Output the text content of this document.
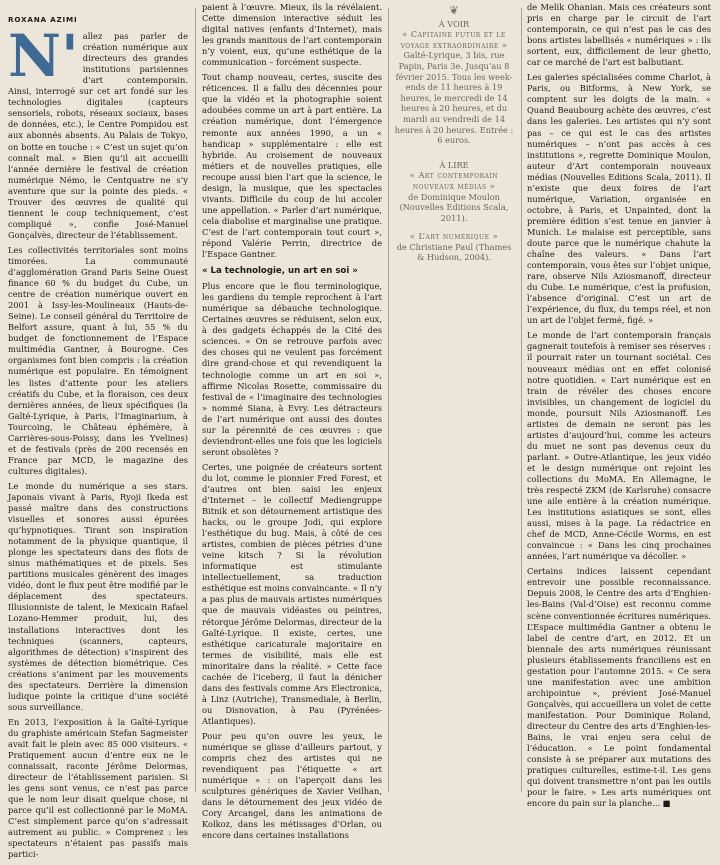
ROXANA AZIMI

N' allez pas parler de création numérique aux directeurs des grandes institutions parisiennes d’art contemporain. Ainsi, interrogé sur cet art fondé sur les technologies digitales (capteurs sensoriels, robots, réseaux sociaux, bases de données, etc.), le Centre Pompidou est aux abonnés absents. Au Palais de Tokyo, on botte en touche : « C’est un sujet qu’on connaît mal. » Bien qu’il ait accueilli l’année dernière le festival de création numérique Némo, le Centquatre ne s’y aventure que sur la pointe des pieds. « Trouver des œuvres de qualité qui tiennent le coup techniquement, c’est compliqué », confie José-Manuel Gonçalvès, directeur de l’établissement.

Les collectivités territoriales sont moins timorées. La communauté d’agglomération Grand Paris Seine Ouest finance 60 % du budget du Cube, un centre de création numérique ouvert en 2001 à Issy-les-Moulineaux (Hauts-de-Seine). Le conseil général du Territoire de Belfort assure, quant à lui, 55 % du budget de fonctionnement de l’Espace multimédia Gantner, à Bourogne. Ces organismes font bien compris : la création numérique est populaire. En témoignent les listes d’attente pour les ateliers créatifs du Cube, et la floraison, ces deux dernières années, de lieux spécifiques (la Gaîté-Lyrique, à Paris, l’Imaginarium, à Tourcoing, le Château éphémère, à Carrières-sous-Poissy, dans les Yvelines) et de festivals (près de 200 recensés en France par MCD, le magazine des cultures digitales).

Le monde du numérique a ses stars. Japonais vivant à Paris, Ryoji Ikeda est passé maître dans des constructions visuelles et sonores aussi épurées qu’hypnotiques. Tirant son inspiration notamment de la physique quantique, il plonge les spectateurs dans des flots de sinus mathématiques et de pixels. Ses partitions musicales génèrent des images vidéo, dont le flux peut être modifié par le déplacement des spectateurs. Illusionniste de talent, le Mexicain Rafael Lozano-Hemmer produit, lui, des installations interactives dont les techniques (scanners, capteurs, algorithmes de détection) s’inspirent des systèmes de détection biométrique. Ces créations s’animent par les mouvements des spectateurs. Derrière la dimension ludique pointe la critique d’une société sous surveillance.

En 2013, l’exposition à la Gaîté-Lyrique du graphiste américain Stefan Sagmeister avait fait le plein avec 85 000 visiteurs. « Pratiquement aucun d’entre eux ne le connaissait, raconte Jérôme Delormas, directeur de l’établissement parisien. Si les gens sont venus, ce n’est pas parce que le nom leur disait quelque chose, ni parce qu’il est collectionné par le MoMA. C’est simplement parce qu’on s’adressait autrement au public. » Comprenez : les spectateurs n’étaient pas passifs mais partici-

paient à l’œuvre. Mieux, ils la révélaient. Cette dimension interactive séduit les digital natives (enfants d’Internet), mais les grands manitous de l’art contemporain n’y voient, eux, qu’une esthétique de la communication – forcément suspecte.

Tout champ nouveau, certes, suscite des réticences. Il a fallu des décennies pour que la vidéo et la photographie soient adoubées comme un art à part entière. La création numérique, dont l’émergence remonte aux années 1990, a un « handicap » supplémentaire : elle est hybride. Au croisement de nouveaux métiers et de nouvelles pratiques, elle recoupe aussi bien l’art que la science, le design, la musique, que les spectacles vivants. Difficile du coup de lui accoler une appellation. « Parler d’art numérique, cela diabolise et marginalise une pratique. C’est de l’art contemporain tout court », répond Valérie Perrin, directrice de l’Espace Gantner.

« La technologie, un art en soi »

Plus encore que le flou terminologique, les gardiens du temple reprochent à l’art numérique sa débauche technologique. Certaines œuvres se réduisent, selon eux, à des gadgets échappés de la Cité des sciences. « On se retrouve parfois avec des choses qui ne veulent pas forcément dire grand-chose et qui revendiquent la technologie comme un art en soi », affirme Nicolas Rosette, commissaire du festival de « l’imaginaire des technologies » nommé Siana, à Evry. Les détracteurs de l’art numérique ont aussi des doutes sur la pérennité de ces œuvres : que deviendront-elles une fois que les logiciels seront obsolètes ?

Certes, une poignée de créateurs sortent du lot, comme le pionnier Fred Forest, et d’autres ont bien saisi les enjeux d’Internet – le collectif Mediengruppe Bitnik et son détournement artistique des hacks, ou le groupe Jodi, qui explore l’esthétique du bug. Mais, à côté de ces artistes, combien de pièces pétries d’une veine kitsch ? Si la révolution informatique est stimulante intellectuellement, sa traduction esthétique est moins convaincante. « Il n’y a pas plus de mauvais artistes numériques que de mauvais vidéastes ou peintres, rétorque Jérôme Delormas, directeur de la Gaîté-Lyrique. Il existe, certes, une esthétique caricaturale majoritaire en termes de visibilité, mais elle est minoritaire dans la réalité. » Cette face cachée de l’iceberg, il faut la dénicher dans des festivals comme Ars Electronica, à Linz (Autriche), Transmediale, à Berlin, ou Disnovation, à Pau (Pyrénées-Atlantiques).

Pour peu qu’on ouvre les yeux, le numérique se glisse d’ailleurs partout, y compris chez des artistes qui ne revendiquent pas l’étiquette « art numérique » : on l’aperçoit dans les sculptures génériques de Xavier Veilhan, dans le détournement des jeux vidéo de Cory Arcangel, dans les animations de Kolkoz, dans les métissages d’Orlan, ou encore dans certaines installations

❦
À VOIR
« Capitaine futur et le voyage extraordinaire »
Gaîté-Lyrique, 3 bis, rue Papin, Paris 3e. Jusqu’au 8 février 2015. Tous les week-ends de 11 heures à 19 heures, le mercredi de 14 heures à 20 heures, et du mardi au vendredi de 14 heures à 20 heures. Entrée : 6 euros.
À LIRE
« Art contemporain nouveaux médias »
de Dominique Moulon (Nouvelles Editions Scala, 2011).
« L’art numérique »
de Christiane Paul (Thames & Hudson, 2004).

de Melik Ohanian. Mais ces créateurs sont pris en charge par le circuit de l’art contemporain, ce qui n’est pas le cas des bons artistes labellisés « numériques » : ils sortent, eux, difficilement de leur ghetto, car ce marché de l’art est balbutiant.

Les galeries spécialisées comme Charlot, à Paris, ou Bitforms, à New York, se comptent sur les doigts de la main. « Quand Beaubourg achète des œuvres, c’est dans les galeries. Les artistes qui n’y sont pas – ce qui est le cas des artistes numériques – n’ont pas accès à ces institutions », regrette Dominique Moulon, auteur d’Art contemporain nouveaux médias (Nouvelles Editions Scala, 2011). Il n’existe que deux foires de l’art numérique, Variation, organisée en octobre, à Paris, et Unpainted, dont la première édition s’est tenue en janvier à Munich. Le malaise est perceptible, sans doute parce que le numérique chahute la chaîne des valeurs. « Dans l’art contemporain, vous êtes sur l’objet unique, rare, observe Nils Aziosmanoff, directeur du Cube. Le numérique, c’est la profusion, l’absence d’original. C’est un art de l’expérience, du flux, du temps réel, et non un art de l’objet fermé, figé. »

Le monde de l’art contemporain français gagnerait toutefois à remiser ses réserves : il pourrait rater un tournant sociétal. Ces nouveaux médias ont en effet colonisé notre quotidien. « L’art numérique est en train de révéler des choses encore invisibles, un changement de logiciel du monde, poursuit Nils Aziosmanoff. Les artistes de demain ne seront pas les artistes d’aujourd’hui, comme les acteurs du muet ne sont pas devenus ceux du parlant. » Outre-Atlantique, les jeux vidéo et le design numérique ont rejoint les collections du MoMA. En Allemagne, le très respecté ZKM (de Karlsruhe) consacre une aile entière à la création numérique. Les institutions asiatiques se sont, elles aussi, mises à la page. La rédactrice en chef de MCD, Anne-Cécile Worms, en est convaincue : « Dans les cinq prochaines années, l’art numérique va décoller. »

Certains indices laissent cependant entrevoir une possible reconnaissance. Depuis 2008, le Centre des arts d’Enghien-les-Bains (Val-d’Oise) est reconnu comme scène conventionnée écritures numériques. L’Espace multimédia Gantner a obtenu le label de centre d’art, en 2012. Et un biennale des arts numériques réunissant plusieurs établissements franciliens est en gestation pour l’automne 2015. « Ce sera une manifestation avec une ambition archipointue », prévient José-Manuel Gonçalvès, qui accueillera un volet de cette manifestation. Pour Dominique Roland, directeur du Centre des arts d’Enghien-les-Bains, le vrai enjeu sera celui de l’éducation. « Le point fondamental consiste à se préparer aux mutations des pratiques culturelles, estime-t-il. Les gens qui doivent transmettre n’ont pas les outils pour le faire. » Les arts numériques ont encore du pain sur la planche... ■
